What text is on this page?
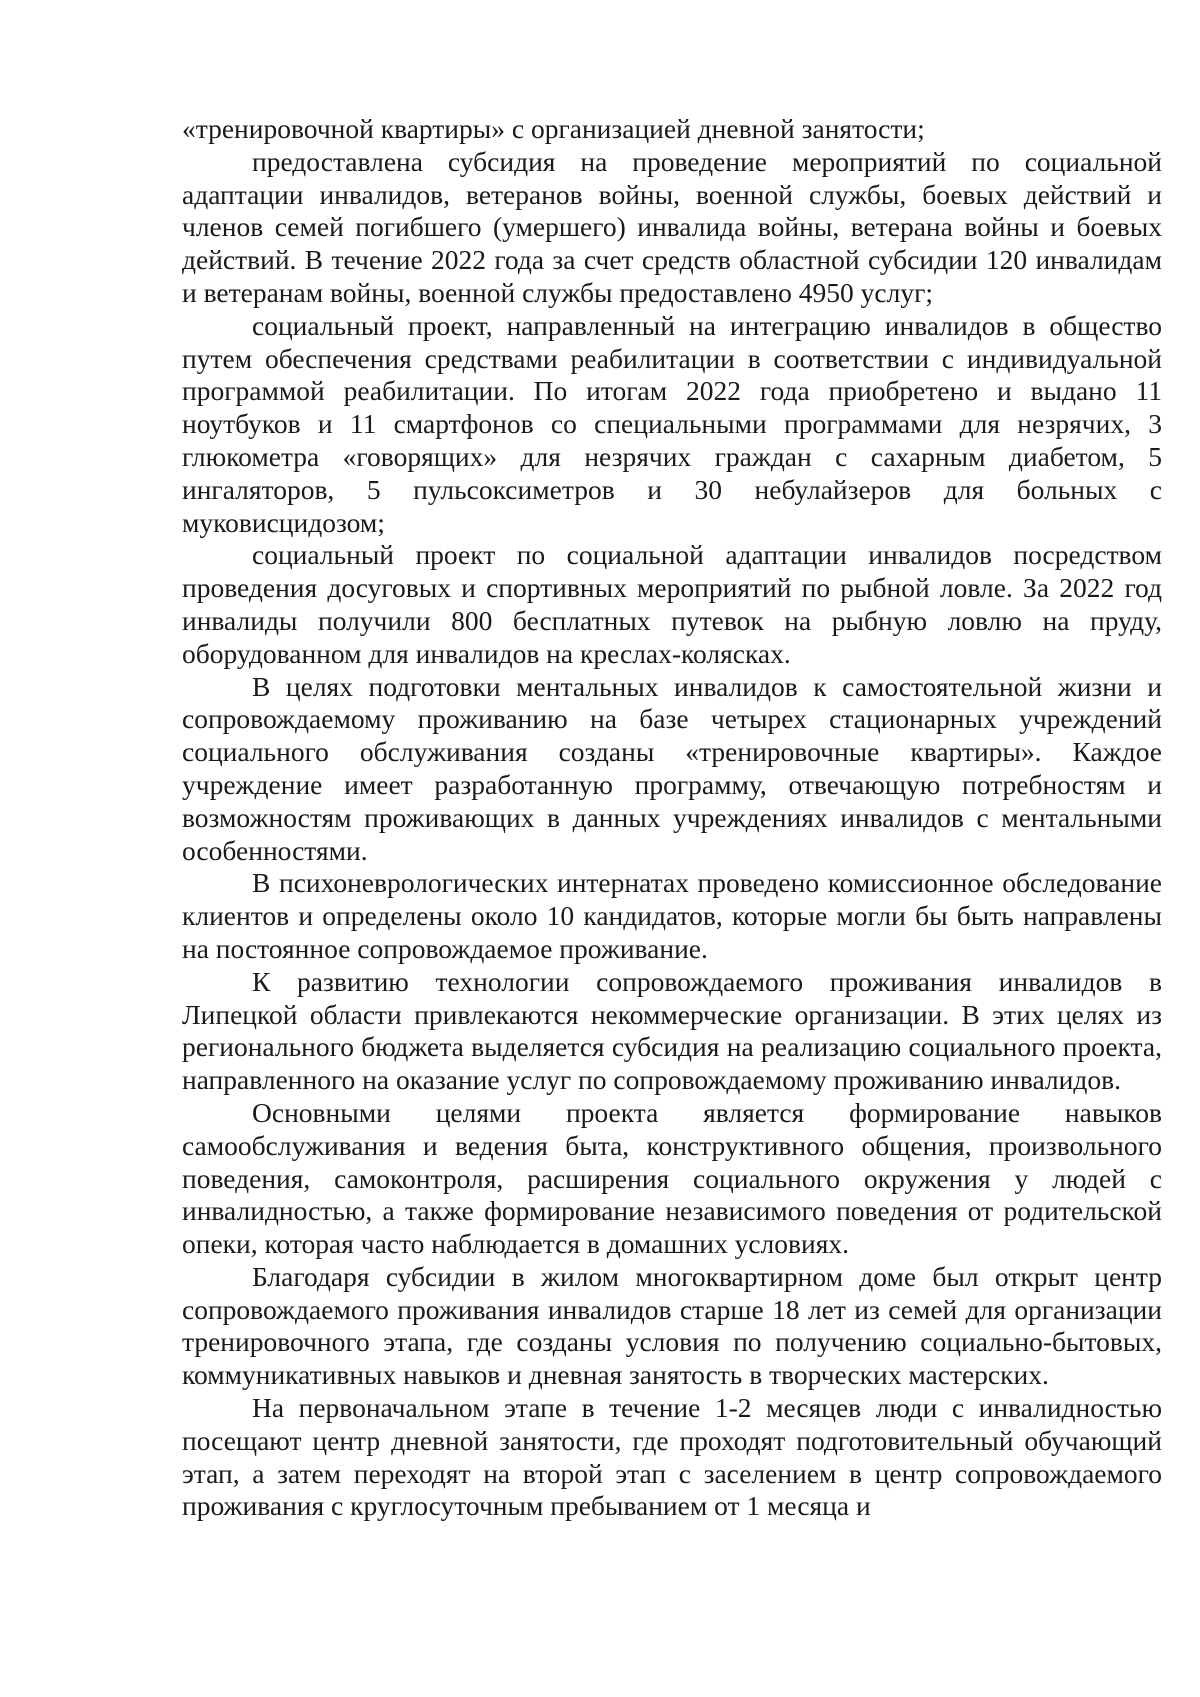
«тренировочной квартиры» с организацией дневной занятости;

предоставлена субсидия на проведение мероприятий по социальной адаптации инвалидов, ветеранов войны, военной службы, боевых действий и членов семей погибшего (умершего) инвалида войны, ветерана войны и боевых действий. В течение 2022 года за счет средств областной субсидии 120 инвалидам и ветеранам войны, военной службы предоставлено 4950 услуг;

социальный проект, направленный на интеграцию инвалидов в общество путем обеспечения средствами реабилитации в соответствии с индивидуальной программой реабилитации. По итогам 2022 года приобретено и выдано 11 ноутбуков и 11 смартфонов со специальными программами для незрячих, 3 глюкометра «говорящих» для незрячих граждан с сахарным диабетом, 5 ингаляторов, 5 пульсоксиметров и 30 небулайзеров для больных с муковисцидозом;

социальный проект по социальной адаптации инвалидов посредством проведения досуговых и спортивных мероприятий по рыбной ловле. За 2022 год инвалиды получили 800 бесплатных путевок на рыбную ловлю на пруду, оборудованном для инвалидов на креслах-колясках.

В целях подготовки ментальных инвалидов к самостоятельной жизни и сопровождаемому проживанию на базе четырех стационарных учреждений социального обслуживания созданы «тренировочные квартиры». Каждое учреждение имеет разработанную программу, отвечающую потребностям и возможностям проживающих в данных учреждениях инвалидов с ментальными особенностями.

В психоневрологических интернатах проведено комиссионное обследование клиентов и определены около 10 кандидатов, которые могли бы быть направлены на постоянное сопровождаемое проживание.

К развитию технологии сопровождаемого проживания инвалидов в Липецкой области привлекаются некоммерческие организации. В этих целях из регионального бюджета выделяется субсидия на реализацию социального проекта, направленного на оказание услуг по сопровождаемому проживанию инвалидов.

Основными целями проекта является формирование навыков самообслуживания и ведения быта, конструктивного общения, произвольного поведения, самоконтроля, расширения социального окружения у людей с инвалидностью, а также формирование независимого поведения от родительской опеки, которая часто наблюдается в домашних условиях.

Благодаря субсидии в жилом многоквартирном доме был открыт центр сопровождаемого проживания инвалидов старше 18 лет из семей для организации тренировочного этапа, где созданы условия по получению социально-бытовых, коммуникативных навыков и дневная занятость в творческих мастерских.

На первоначальном этапе в течение 1-2 месяцев люди с инвалидностью посещают центр дневной занятости, где проходят подготовительный обучающий этап, а затем переходят на второй этап с заселением в центр сопровождаемого проживания с круглосуточным пребыванием от 1 месяца и
